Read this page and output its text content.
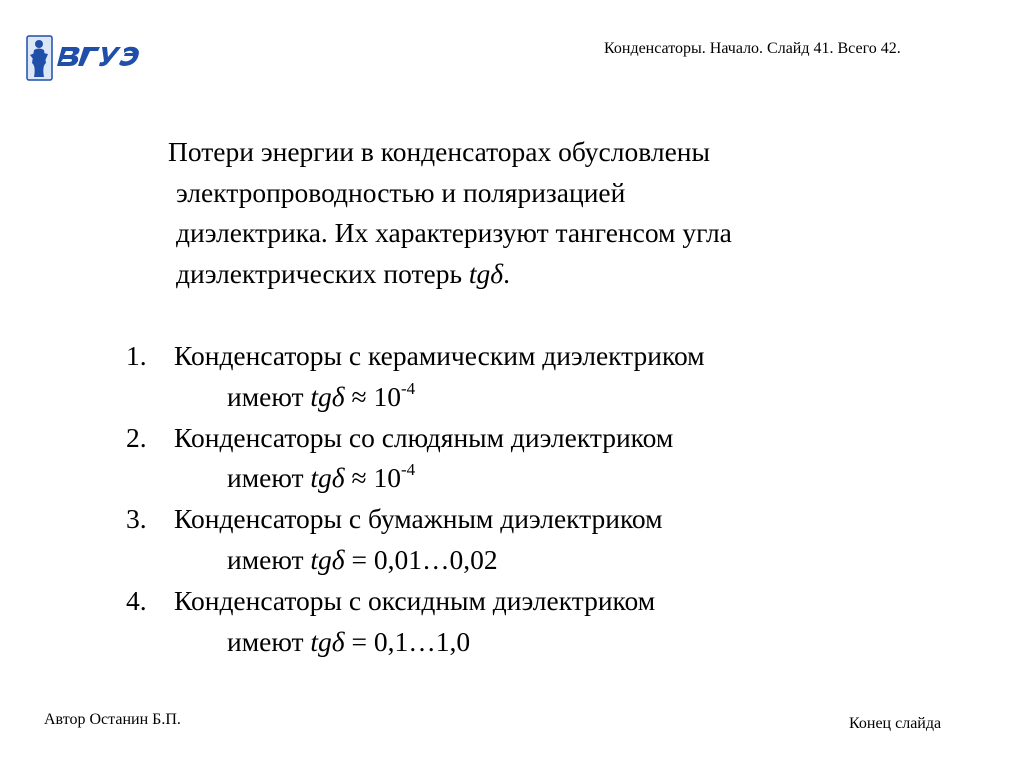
Конденсаторы. Начало. Слайд 41. Всего 42.
Потери энергии в конденсаторах обусловлены
электропроводностью и поляризацией
диэлектрика. Их характеризуют тангенсом угла
диэлектрических потерь tgδ.
1. Конденсаторы с керамическим диэлектриком
имеют $tg\delta \approx 10^{-4}$
2. Конденсаторы со слюдяным диэлектриком
имеют $tg\delta \approx 10^{-4}$
3. Конденсаторы с бумажным диэлектриком
имеют tgδ = 0,01…0,02
4. Конденсаторы с оксидным диэлектриком
имеют tgδ = 0,1…1,0
Автор Останин Б.П.	Конец слайда
